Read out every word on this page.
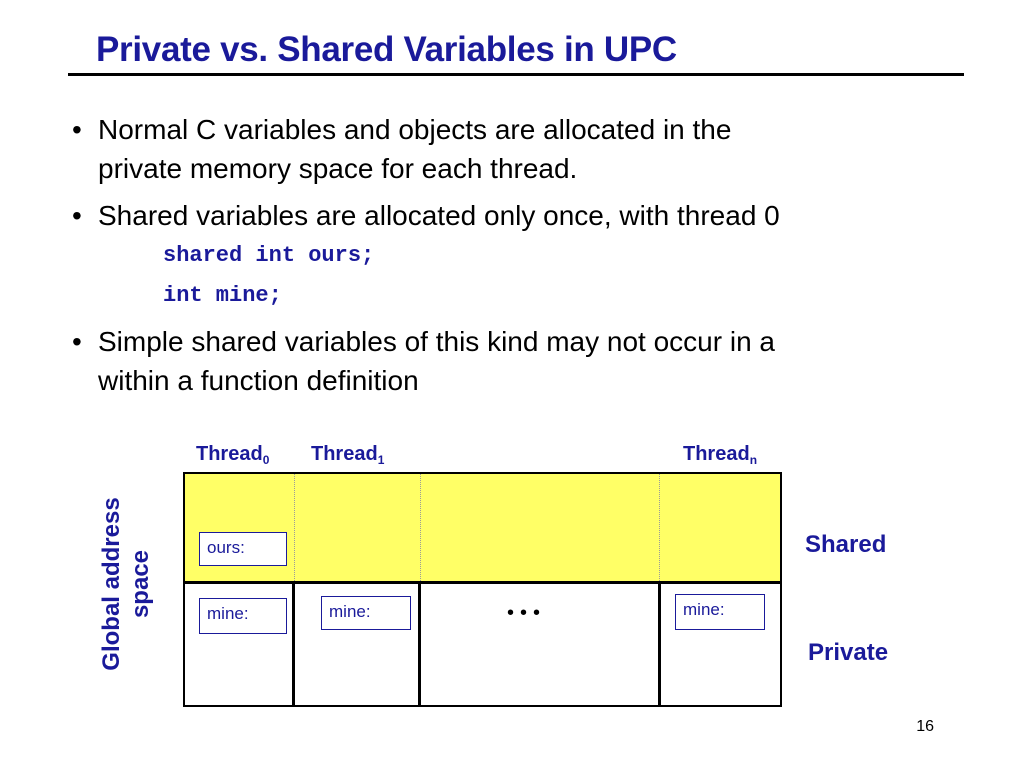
Private vs. Shared Variables in UPC
• Normal C variables and objects are allocated in the
private memory space for each thread.
• Shared variables are allocated only once, with thread 0
shared int ours;
int mine;
• Simple shared variables of this kind may not occur in a
within a function definition
Thread$_0$ Thread$_1$	Thread$_n$
ours:
mine:	mine:	mine:
•••
Shared
Private
Global address space
16
